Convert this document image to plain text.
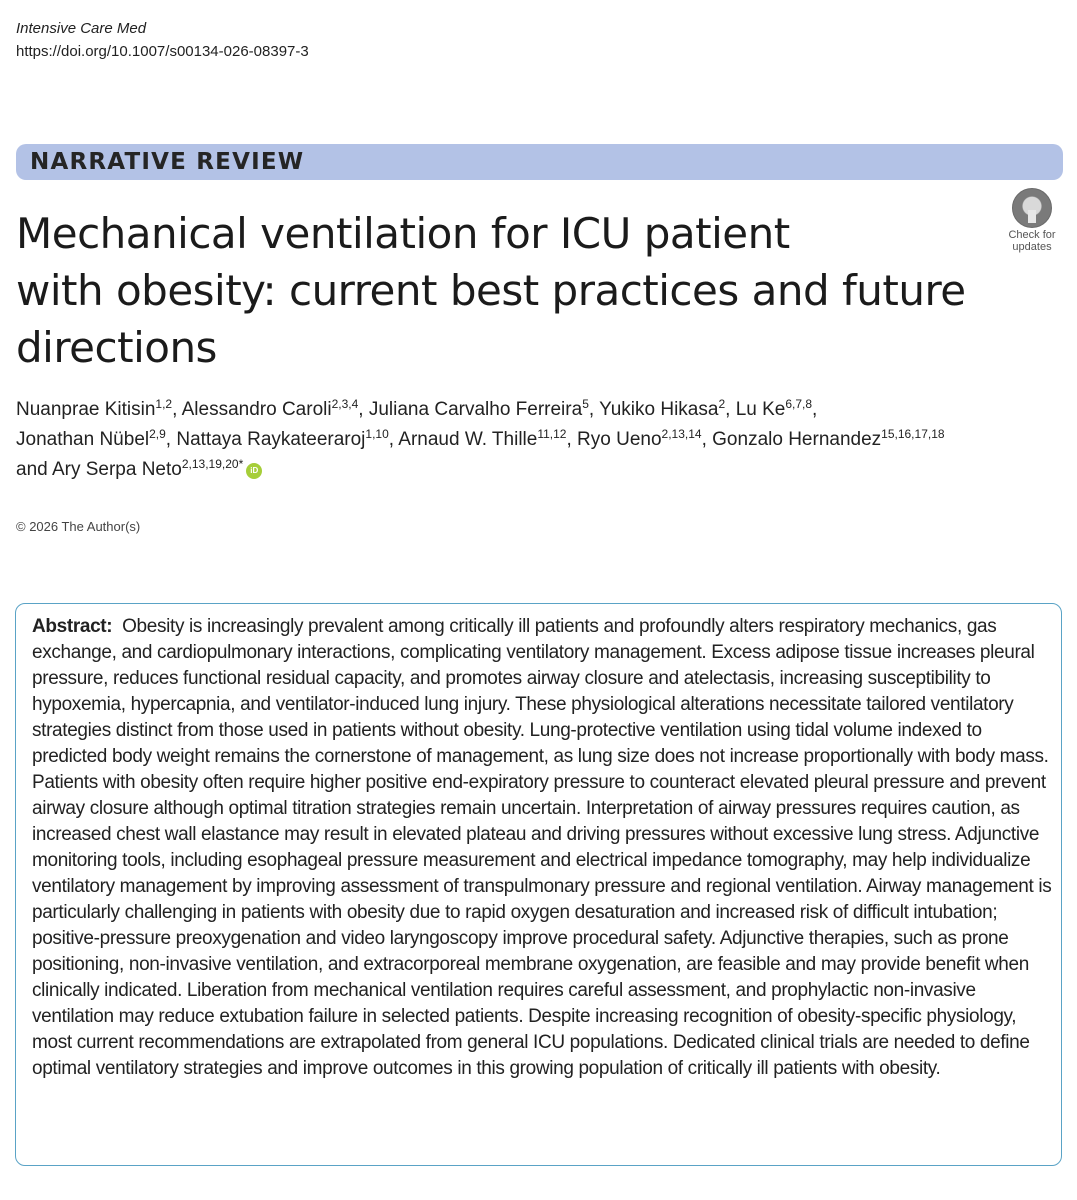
Intensive Care Med
https://doi.org/10.1007/s00134-026-08397-3
NARRATIVE REVIEW
Mechanical ventilation for ICU patient
with obesity: current best practices and future
directions
Check for
updates
Nuanprae Kitisin$^{1,2}$, Alessandro Caroli$^{2,3,4}$, Juliana Carvalho Ferreira$^5$, Yukiko Hikasa$^2$, Lu Ke$^{6,7,8}$,
Jonathan Nübel$^{2,9}$, Nattaya Raykateeraroj$^{1,10}$, Arnaud W. Thille$^{11,12}$, Ryo Ueno$^{2,13,14}$, Gonzalo Hernandez$^{15,16,17,18}$
and Ary Serpa Neto$^{2,13,19,20*}$ iD
© 2026 The Author(s)

Abstract: Obesity is increasingly prevalent among critically ill patients and profoundly alters respiratory mechanics, gas exchange, and cardiopulmonary interactions, complicating ventilatory management. Excess adipose tissue increases pleural pressure, reduces functional residual capacity, and promotes airway closure and atelectasis, increasing susceptibility to hypoxemia, hypercapnia, and ventilator-induced lung injury. These physiological alterations necessitate tailored ventilatory strategies distinct from those used in patients without obesity. Lung-protective ventilation using tidal volume indexed to predicted body weight remains the cornerstone of management, as lung size does not increase proportionally with body mass. Patients with obesity often require higher positive end-expiratory pressure to counteract elevated pleural pressure and prevent airway closure although optimal titration strategies remain uncertain. Interpretation of airway pressures requires caution, as increased chest wall elastance may result in elevated plateau and driving pressures without excessive lung stress. Adjunctive monitoring tools, including esophageal pressure measurement and electrical impedance tomography, may help individualize ventilatory management by improving assessment of transpulmonary pressure and regional ventilation. Airway management is particularly challenging in patients with obesity due to rapid oxygen desaturation and increased risk of difficult intubation; positive-pressure preoxygenation and video laryngoscopy improve procedural safety. Adjunctive therapies, such as prone positioning, non-invasive ventilation, and extracorporeal membrane oxygenation, are feasible and may provide benefit when clinically indicated. Liberation from mechanical ventilation requires careful assessment, and prophylactic non-invasive ventilation may reduce extubation failure in selected patients. Despite increasing recognition of obesity-specific physiology, most current recommendations are extrapolated from general ICU populations. Dedicated clinical trials are needed to define optimal ventilatory strategies and improve outcomes in this growing population of critically ill patients with obesity.
